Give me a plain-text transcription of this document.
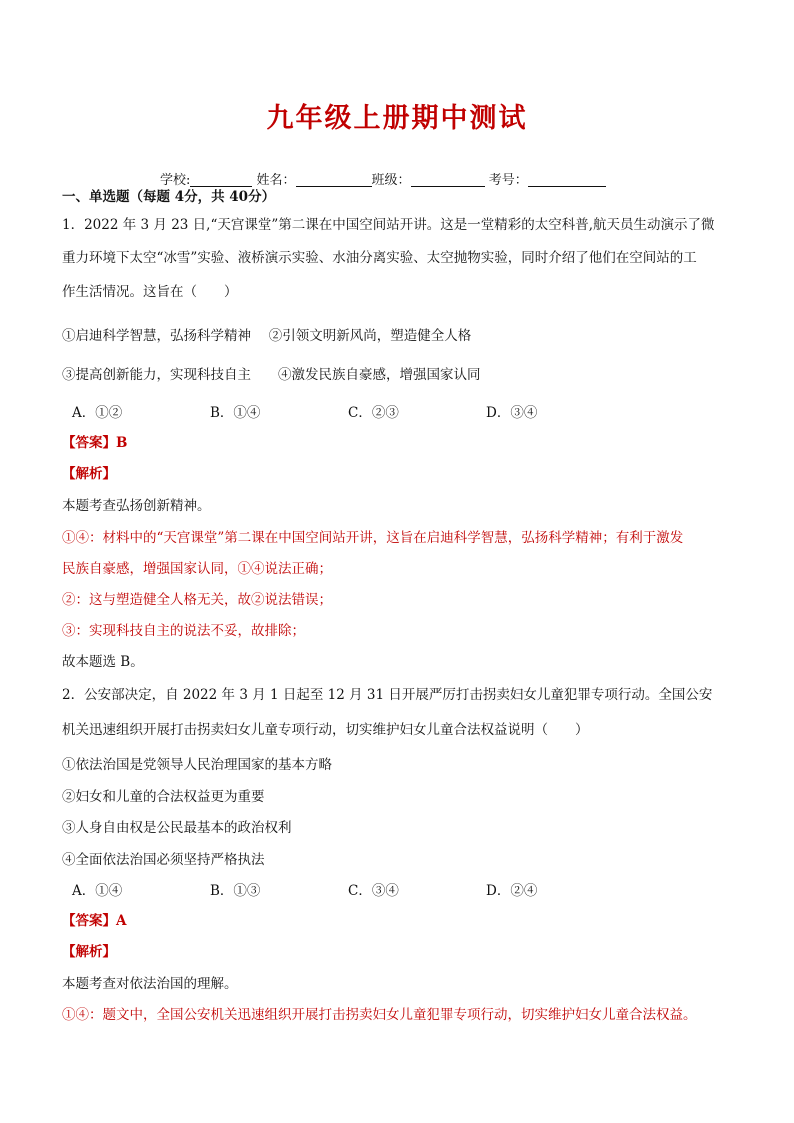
九年级上册期中测试
学校:	姓名：	班级：	考号：
一、单选题（每题 4分，共 40分）
1．2022 年 3 月 23 日,“天宫课堂”第二课在中国空间站开讲。这是一堂精彩的太空科普,航天员生动演示了微
重力环境下太空“冰雪”实验、液桥演示实验、水油分离实验、太空抛物实验，同时介绍了他们在空间站的工
作生活情况。这旨在（　　）
①启迪科学智慧，弘扬科学精神　 ②引领文明新风尚，塑造健全人格
③提高创新能力，实现科技自主　　④激发民族自豪感，增强国家认同
A．①②	B．①④	C．②③	D．③④
【答案】B
【解析】
本题考查弘扬创新精神。
①④：材料中的“天宫课堂”第二课在中国空间站开讲，这旨在启迪科学智慧，弘扬科学精神；有利于激发
民族自豪感，增强国家认同，①④说法正确；
②：这与塑造健全人格无关，故②说法错误；
③：实现科技自主的说法不妥，故排除；
故本题选 B。
2．公安部决定，自 2022 年 3 月 1 日起至 12 月 31 日开展严厉打击拐卖妇女儿童犯罪专项行动。全国公安
机关迅速组织开展打击拐卖妇女儿童专项行动，切实维护妇女儿童合法权益说明（　　）
①依法治国是党领导人民治理国家的基本方略
②妇女和儿童的合法权益更为重要
③人身自由权是公民最基本的政治权利
④全面依法治国必须坚持严格执法
A．①④	B．①③	C．③④	D．②④
【答案】A
【解析】
本题考查对依法治国的理解。
①④：题文中，全国公安机关迅速组织开展打击拐卖妇女儿童犯罪专项行动，切实维护妇女儿童合法权益。
